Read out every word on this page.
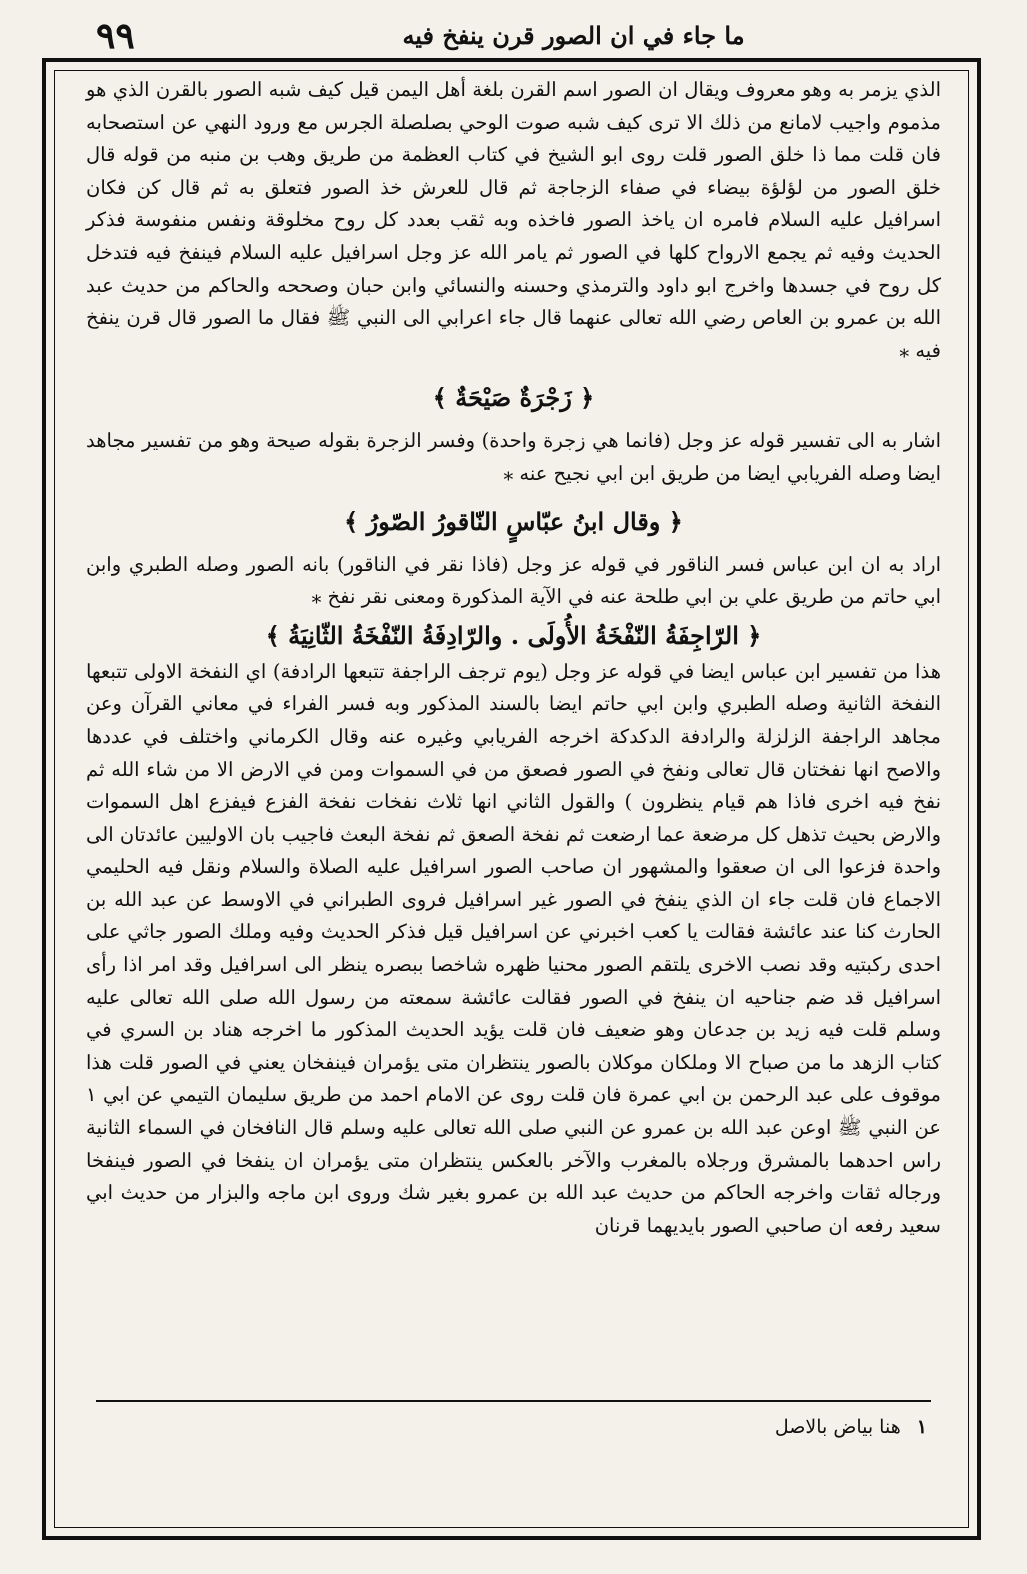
٩٩	ما جاء في ان الصور قرن ينفخ فيه

الذي يزمر به وهو معروف ويقال ان الصور اسم القرن بلغة أهل اليمن قيل كيف شبه الصور بالقرن الذي هو مذموم واجيب لامانع من ذلك الا ترى كيف شبه صوت الوحي بصلصلة الجرس مع ورود النهي عن استصحابه فان قلت مما ذا خلق الصور قلت روى ابو الشيخ في كتاب العظمة من طريق وهب بن منبه من قوله قال خلق الصور من لؤلؤة بيضاء في صفاء الزجاجة ثم قال للعرش خذ الصور فتعلق به ثم قال كن فكان اسرافيل عليه السلام فامره ان ياخذ الصور فاخذه وبه ثقب بعدد كل روح مخلوقة ونفس منفوسة فذكر الحديث وفيه ثم يجمع الارواح كلها في الصور ثم يامر الله عز وجل اسرافيل عليه السلام فينفخ فيه فتدخل كل روح في جسدها واخرج ابو داود والترمذي وحسنه والنسائي وابن حبان وصححه والحاكم من حديث عبد الله بن عمرو بن العاص رضي الله تعالى عنهما قال جاء اعرابي الى النبي ﷺ فقال ما الصور قال قرن ينفخ فيه ⁎

﴿ زَجْرَةٌ صَيْحَةٌ ﴾

اشار به الى تفسير قوله عز وجل (فانما هي زجرة واحدة) وفسر الزجرة بقوله صيحة وهو من تفسير مجاهد ايضا وصله الفريابي ايضا من طريق ابن ابي نجيح عنه ⁎

﴿ وقال ابنُ عبّاسٍ النّاقورُ الصّورُ ﴾

اراد به ان ابن عباس فسر الناقور في قوله عز وجل (فاذا نقر في الناقور) بانه الصور وصله الطبري وابن ابي حاتم من طريق علي بن ابي طلحة عنه في الآية المذكورة ومعنى نقر نفخ ⁎

﴿ الرّاجِفَةُ النّفْخَةُ الأُولَى . والرّادِفَةُ النّفْخَةُ الثّانِيَةُ ﴾

هذا من تفسير ابن عباس ايضا في قوله عز وجل (يوم ترجف الراجفة تتبعها الرادفة) اي النفخة الاولى تتبعها النفخة الثانية وصله الطبري وابن ابي حاتم ايضا بالسند المذكور وبه فسر الفراء في معاني القرآن وعن مجاهد الراجفة الزلزلة والرادفة الدكدكة اخرجه الفريابي وغيره عنه وقال الكرماني واختلف في عددها والاصح انها نفختان قال تعالى ونفخ في الصور فصعق من في السموات ومن في الارض الا من شاء الله ثم نفخ فيه اخرى فاذا هم قيام ينظرون ) والقول الثاني انها ثلاث نفخات نفخة الفزع فيفزع اهل السموات والارض بحيث تذهل كل مرضعة عما ارضعت ثم نفخة الصعق ثم نفخة البعث فاجيب بان الاوليين عائدتان الى واحدة فزعوا الى ان صعقوا والمشهور ان صاحب الصور اسرافيل عليه الصلاة والسلام ونقل فيه الحليمي الاجماع فان قلت جاء ان الذي ينفخ في الصور غير اسرافيل فروى الطبراني في الاوسط عن عبد الله بن الحارث كنا عند عائشة فقالت يا كعب اخبرني عن اسرافيل قيل فذكر الحديث وفيه وملك الصور جاثي على احدى ركبتيه وقد نصب الاخرى يلتقم الصور محنيا ظهره شاخصا ببصره ينظر الى اسرافيل وقد امر اذا رأى اسرافيل قد ضم جناحيه ان ينفخ في الصور فقالت عائشة سمعته من رسول الله صلى الله تعالى عليه وسلم قلت فيه زيد بن جدعان وهو ضعيف فان قلت يؤيد الحديث المذكور ما اخرجه هناد بن السري في كتاب الزهد ما من صباح الا وملكان موكلان بالصور ينتظران متى يؤمران فينفخان يعني في الصور قلت هذا موقوف على عبد الرحمن بن ابي عمرة فان قلت روى عن الامام احمد من طريق سليمان التيمي عن ابي ١ عن النبي ﷺ اوعن عبد الله بن عمرو عن النبي صلى الله تعالى عليه وسلم قال النافخان في السماء الثانية راس احدهما بالمشرق ورجلاه بالمغرب والآخر بالعكس ينتظران متى يؤمران ان ينفخا في الصور فينفخا ورجاله ثقات واخرجه الحاكم من حديث عبد الله بن عمرو بغير شك وروى ابن ماجه والبزار من حديث ابي سعيد رفعه ان صاحبي الصور بايديهما قرنان

١ هنا بياض بالاصل
